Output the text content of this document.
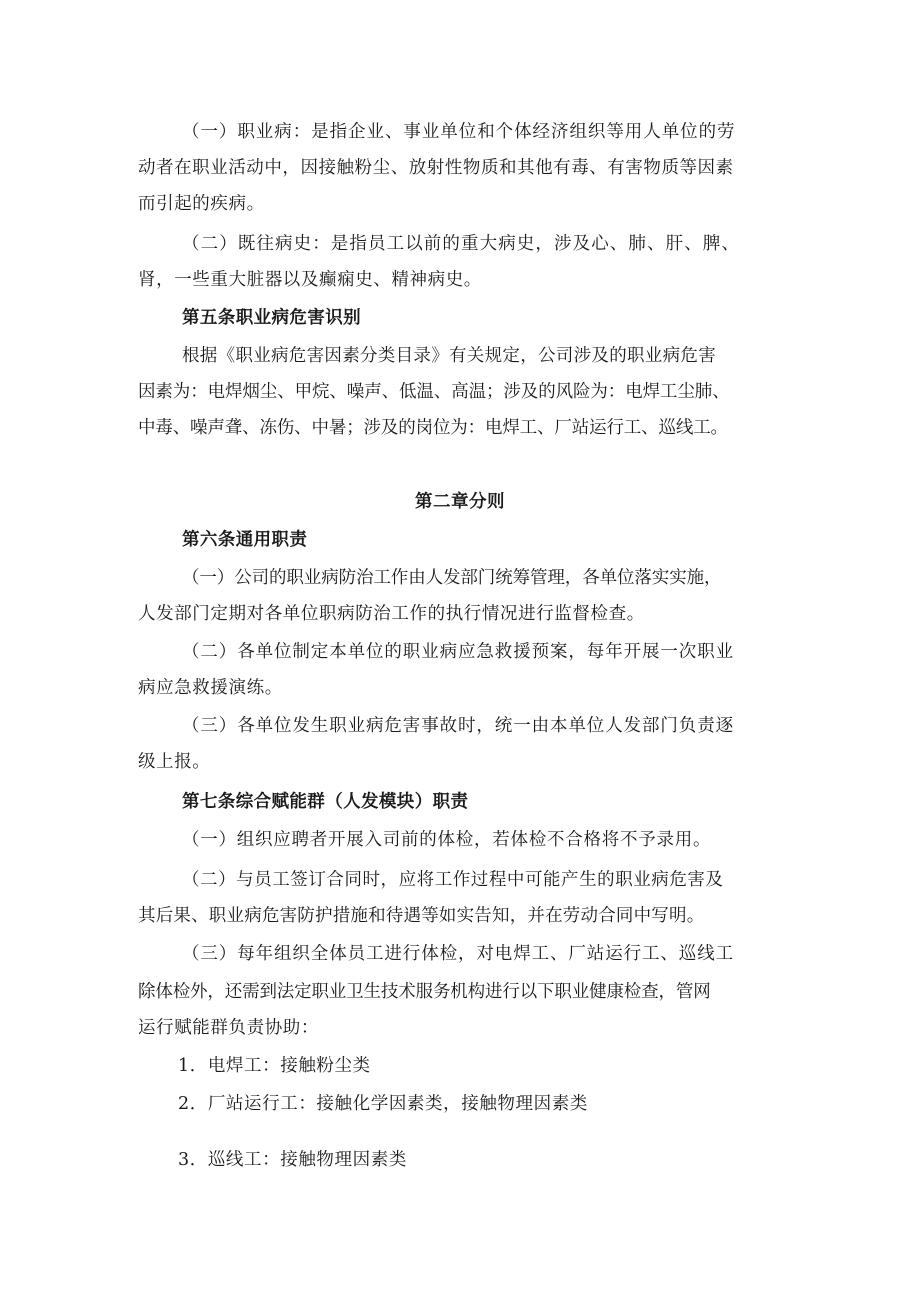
（一）职业病：是指企业、事业单位和个体经济组织等用人单位的劳
动者在职业活动中，因接触粉尘、放射性物质和其他有毒、有害物质等因素
而引起的疾病。
（二）既往病史：是指员工以前的重大病史，涉及心、肺、肝、脾、
肾，一些重大脏器以及癫痫史、精神病史。
第五条职业病危害识别
根据《职业病危害因素分类目录》有关规定，公司涉及的职业病危害
因素为：电焊烟尘、甲烷、噪声、低温、高温；涉及的风险为：电焊工尘肺、
中毒、噪声聋、冻伤、中暑；涉及的岗位为：电焊工、厂站运行工、巡线工。
第二章分则
第六条通用职责
（一）公司的职业病防治工作由人发部门统筹管理，各单位落实实施，
人发部门定期对各单位职病防治工作的执行情况进行监督检查。
（二）各单位制定本单位的职业病应急救援预案，每年开展一次职业
病应急救援演练。
（三）各单位发生职业病危害事故时，统一由本单位人发部门负责逐
级上报。
第七条综合赋能群（人发模块）职责
（一）组织应聘者开展入司前的体检，若体检不合格将不予录用。
（二）与员工签订合同时，应将工作过程中可能产生的职业病危害及
其后果、职业病危害防护措施和待遇等如实告知，并在劳动合同中写明。
（三）每年组织全体员工进行体检，对电焊工、厂站运行工、巡线工
除体检外，还需到法定职业卫生技术服务机构进行以下职业健康检查，管网
运行赋能群负责协助：
1．电焊工：接触粉尘类
2．厂站运行工：接触化学因素类，接触物理因素类
3．巡线工：接触物理因素类
